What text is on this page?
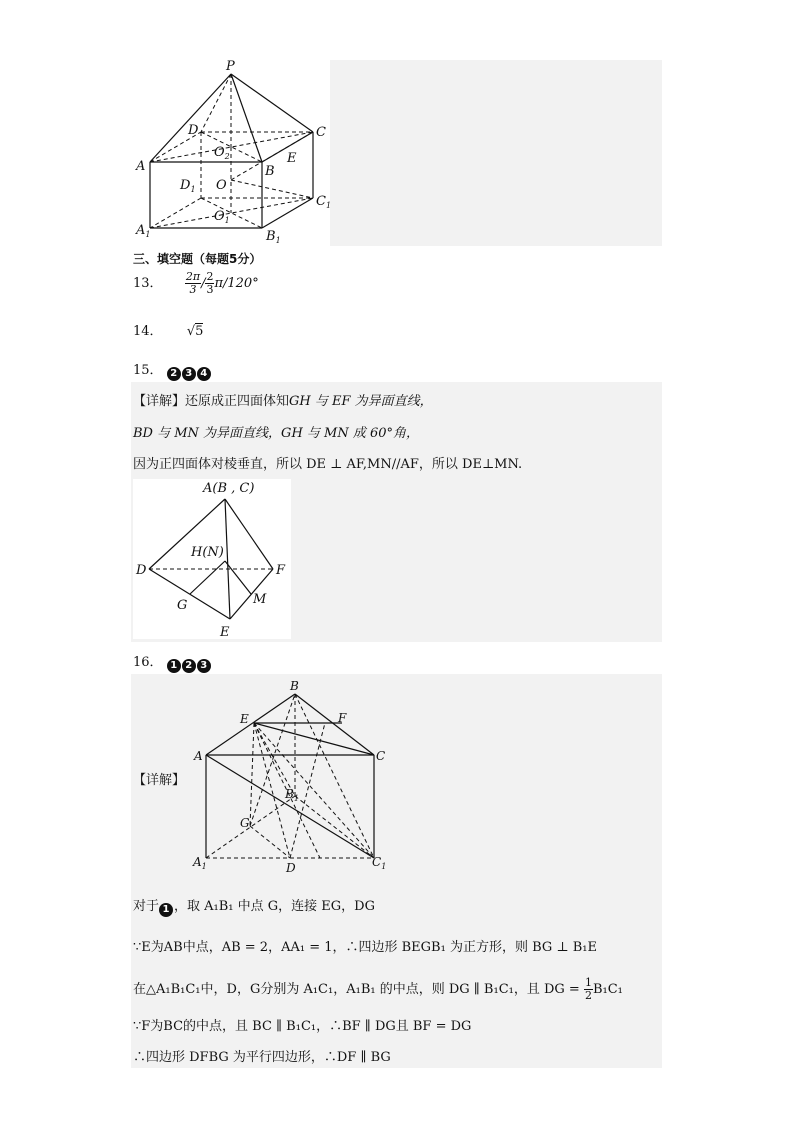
P
D	C
A	B
E
$O_2$
$D_1$ O
$C_1$
$O_1$
$A_1$	$B_1$
三、填空题（每题5分）
13． $\frac{2\pi}{3} / \frac{2}{3} \pi/120^\circ$
14． √5
15． 2 3 4
【详解】还原成正四面体知GH 与 EF 为异面直线，
BD 与 MN 为异面直线，GH 与 MN 成 60°角，
因为正四面体对棱垂直，所以 DE ⊥ AF,MN//AF，所以 DE⊥MN.
A(B , C)
H(N)
D	F
G	M
E
16． 1 2 3
【详解】
B
E	F
A	C
$B_1$
G
$A_1$	D	$C_1$
对于 1 ，取 A₁B₁ 中点 G，连接 EG，DG
∵E为AB中点，AB = 2，AA₁ = 1，∴四边形 BEGB₁ 为正方形，则 BG ⊥ B₁E
在△A₁B₁C₁中，D，G分别为 A₁C₁，A₁B₁ 的中点，则 DG ∥ B₁C₁，且 DG = $\frac{1}{2} B_1C_1$
∵F为BC的中点，且 BC ∥ B₁C₁，∴BF ∥ DG且 BF = DG
∴四边形 DFBG 为平行四边形，∴DF ∥ BG
